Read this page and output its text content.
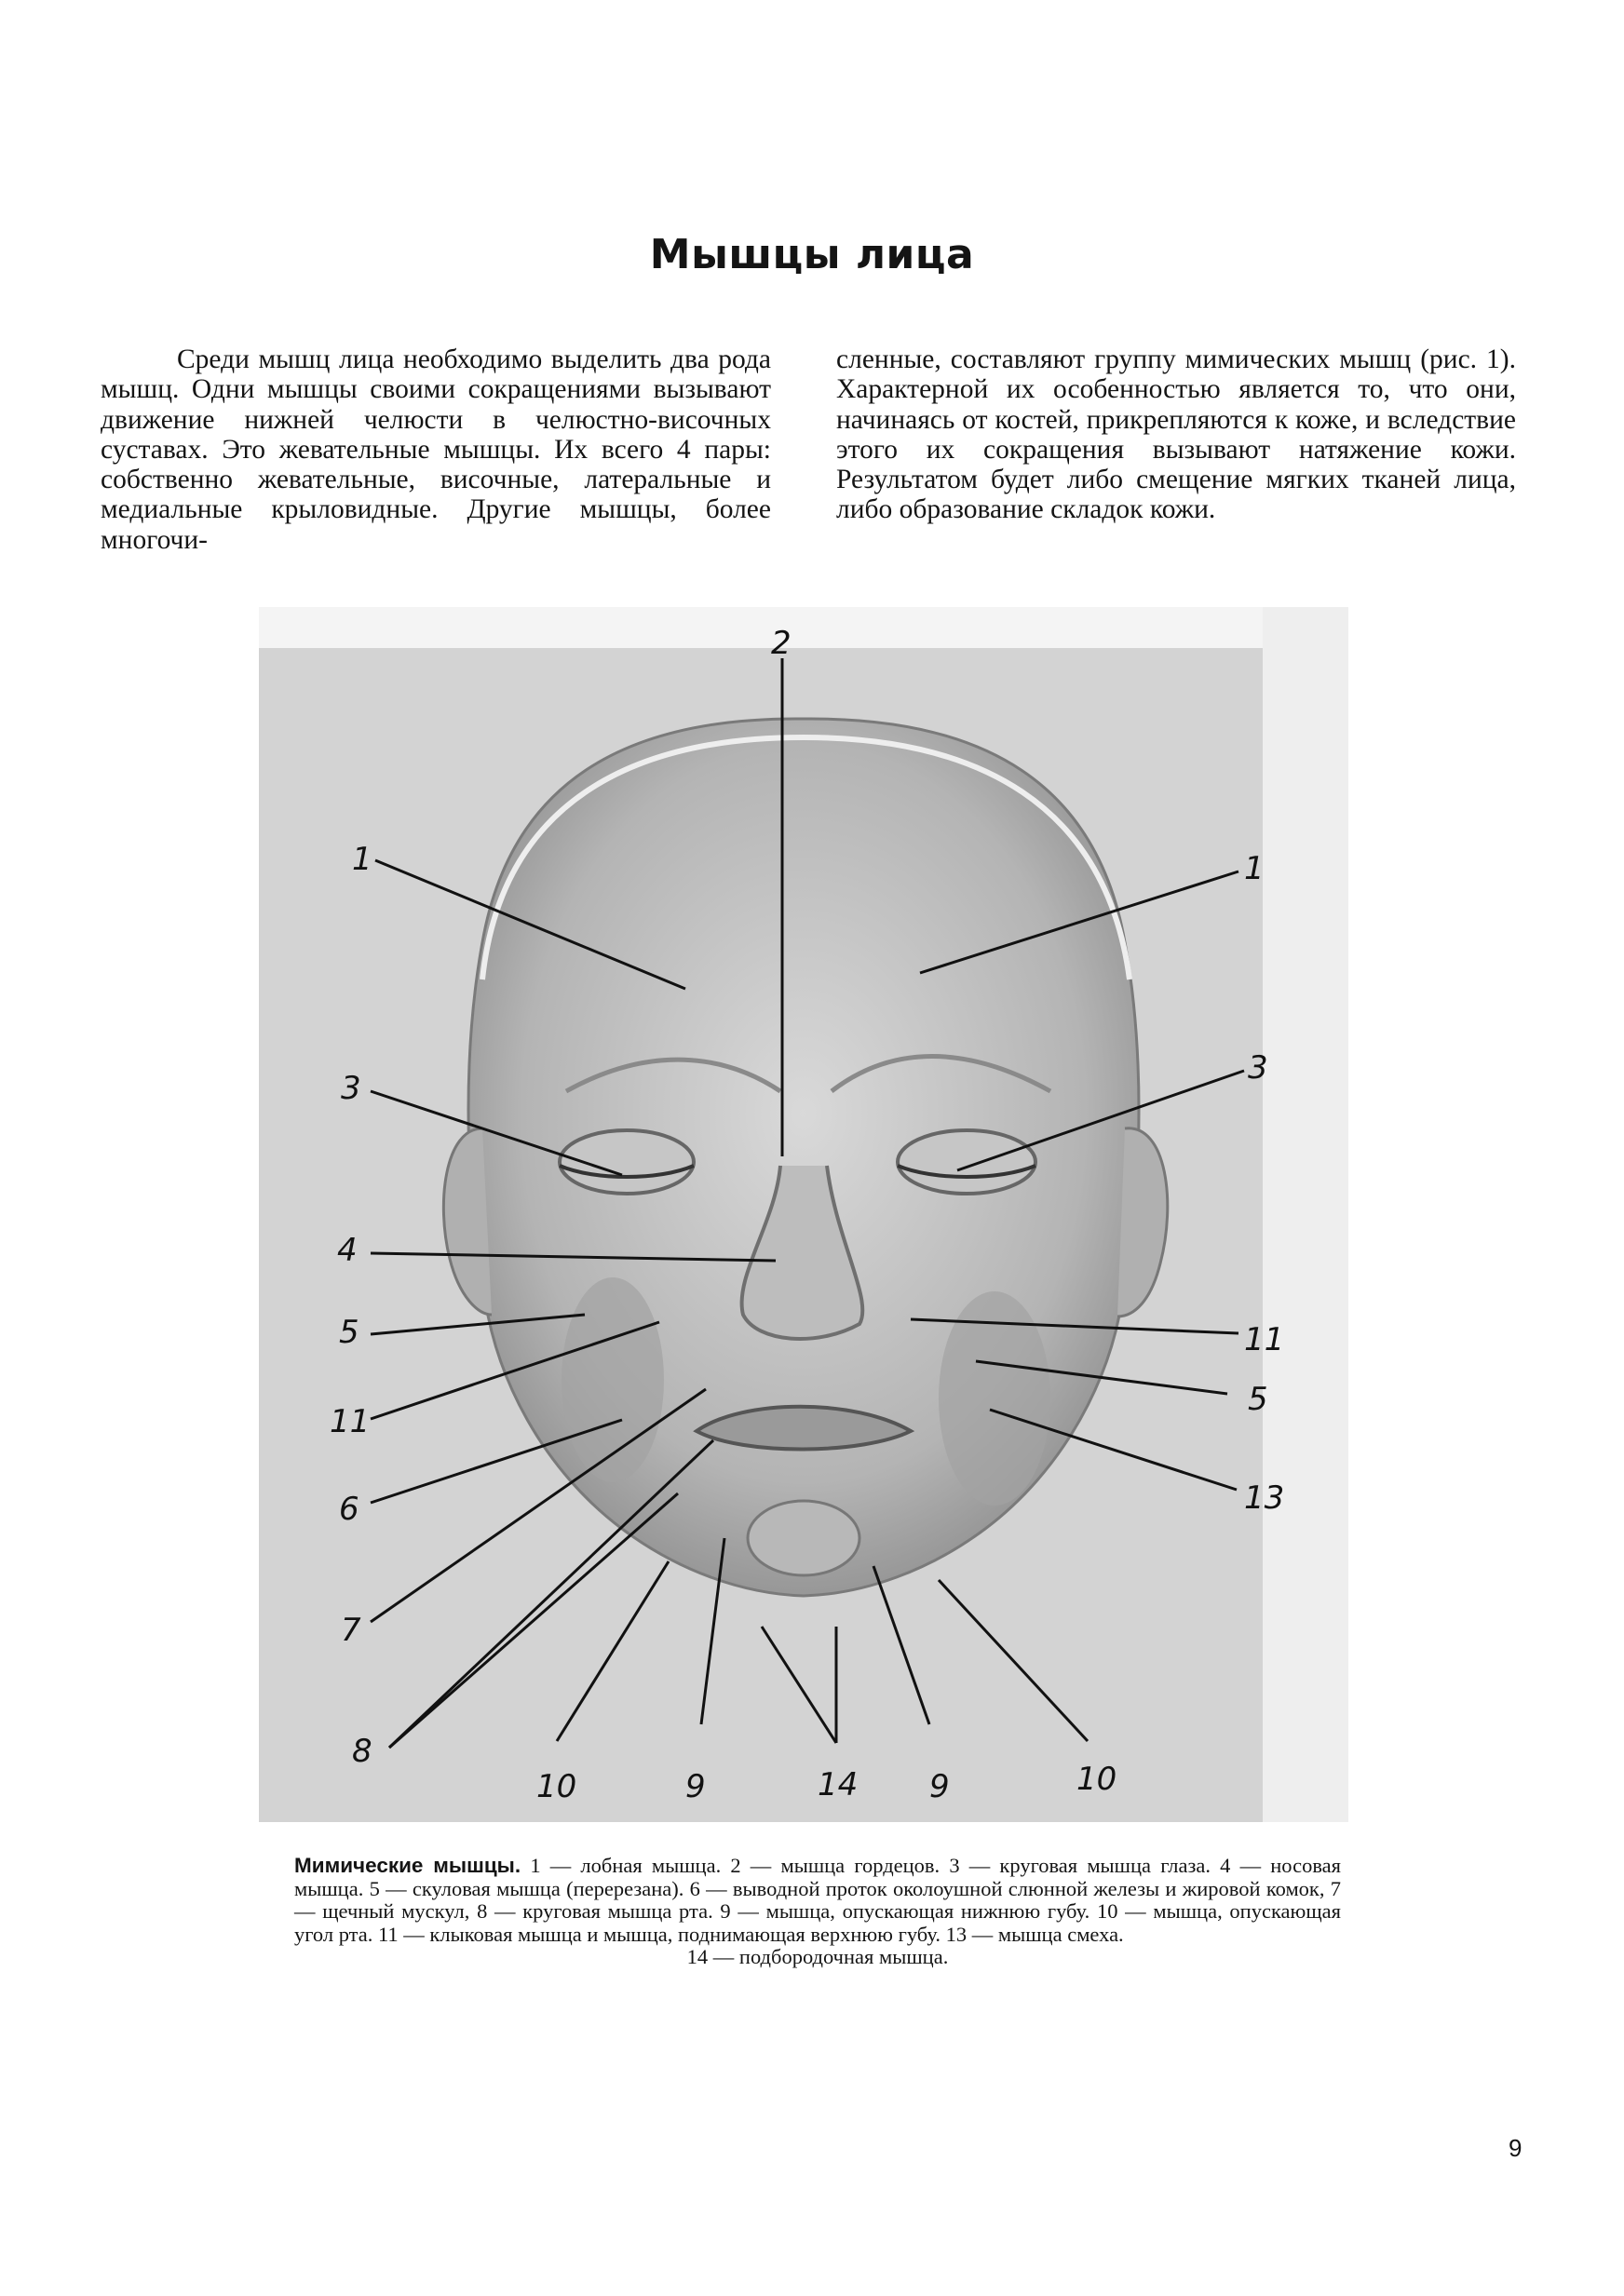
Мышцы лица

Среди мышц лица необходимо выделить два рода мышц. Одни мышцы своими сокращениями вызывают движение нижней челюсти в челюстно-височных суставах. Это жевательные мышцы. Их всего 4 пары: собственно жевательные, височные, латеральные и медиальные крыловидные. Другие мышцы, более многочи-

сленные, составляют группу мимических мышц (рис. 1). Характерной их особенностью является то, что они, начинаясь от костей, прикрепляются к коже, и вследствие этого их сокращения вызывают натяжение кожи. Результатом будет либо смещение мягких тканей лица, либо образование складок кожи.

1	1
2
3
3
4
5
5
6
7
8
9	9
10	10
11
11
13
14

Мимические мышцы. 1 — лобная мышца. 2 — мышца гордецов. 3 — круговая мышца глаза. 4 — носовая мышца. 5 — скуловая мышца (перерезана). 6 — выводной проток околоушной слюнной железы и жировой комок, 7 — щечный мускул, 8 — круговая мышца рта. 9 — мышца, опускающая нижнюю губу. 10 — мышца, опускающая угол рта. 11 — клыковая мышца и мышца, поднимающая верхнюю губу. 13 — мышца смеха.
14 — подбородочная мышца.

9
